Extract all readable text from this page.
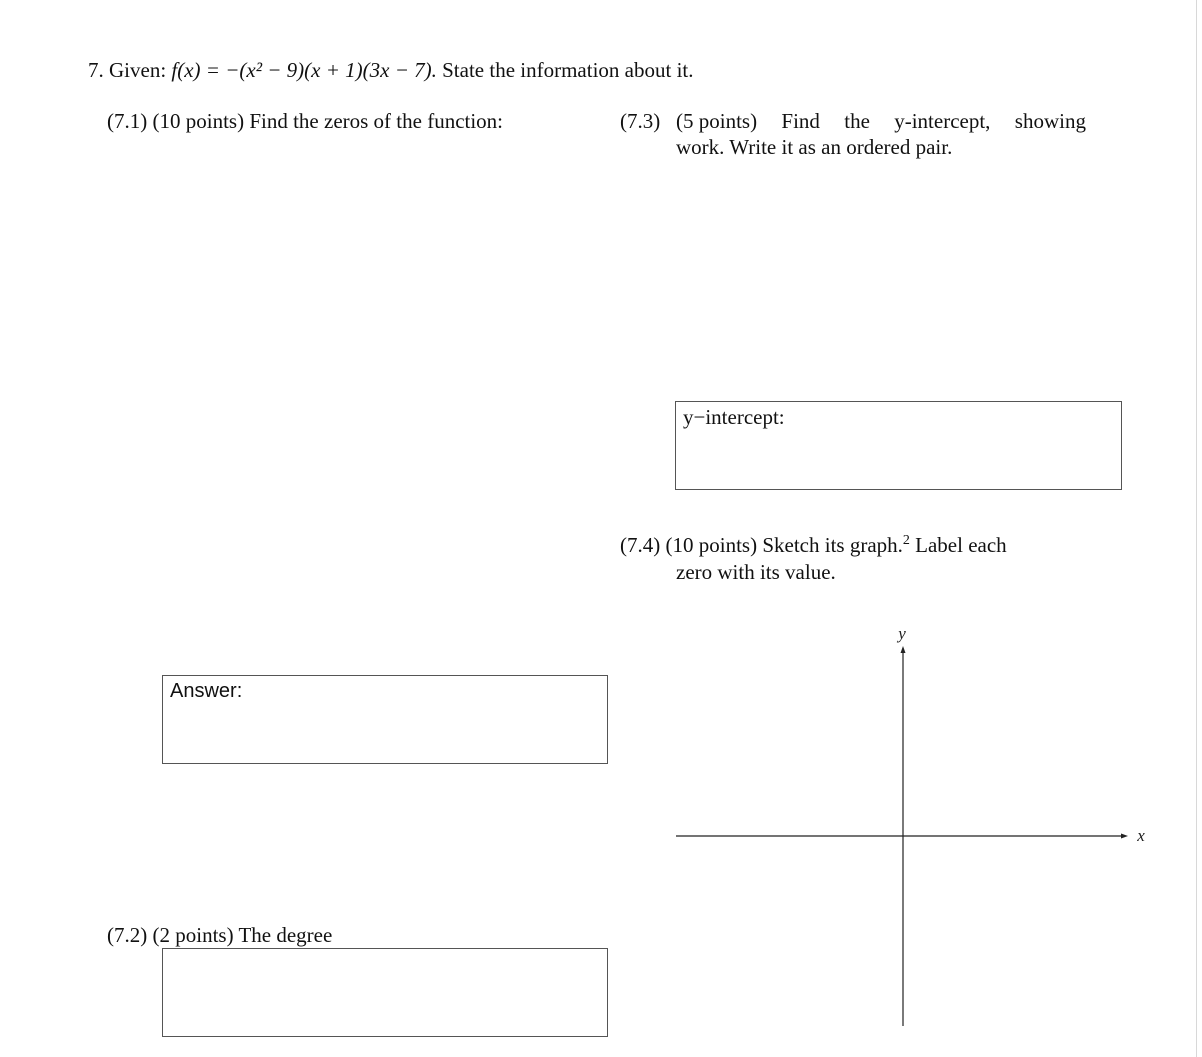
7. Given: f(x) = −(x² − 9)(x + 1)(3x − 7). State the information about it.
(7.1) (10 points) Find the zeros of the function:
Answer:
(7.2) (2 points) The degree
(7.3) (5 points) Find the y-intercept, showing
work. Write it as an ordered pair.
y−intercept:
(7.4) (10 points) Sketch its graph.$^2$ Label each
zero with its value.
y
x
